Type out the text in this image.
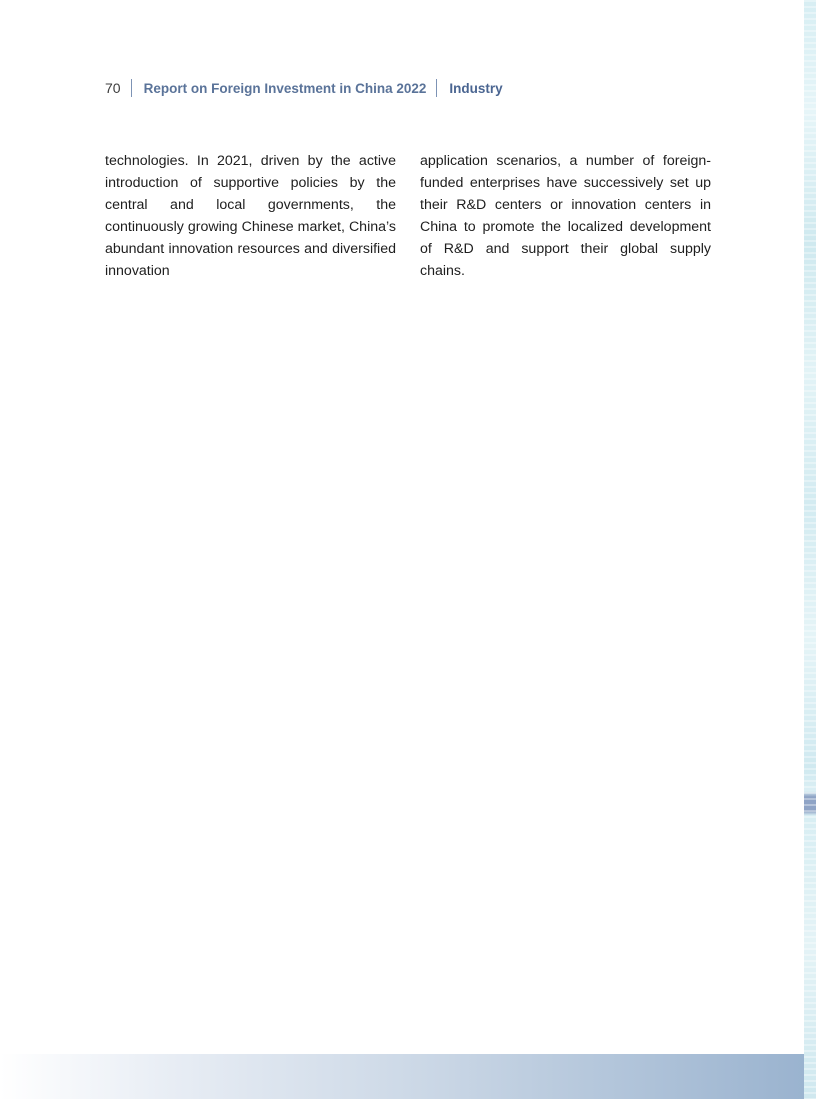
70 Report on Foreign Investment in China 2022 Industry

technologies. In 2021, driven by the active introduction of supportive policies by the central and local governments, the continuously growing Chinese market, China’s abundant innovation resources and diversified innovation

application scenarios, a number of foreign-funded enterprises have successively set up their R&D centers or innovation centers in China to promote the localized development of R&D and support their global supply chains.
